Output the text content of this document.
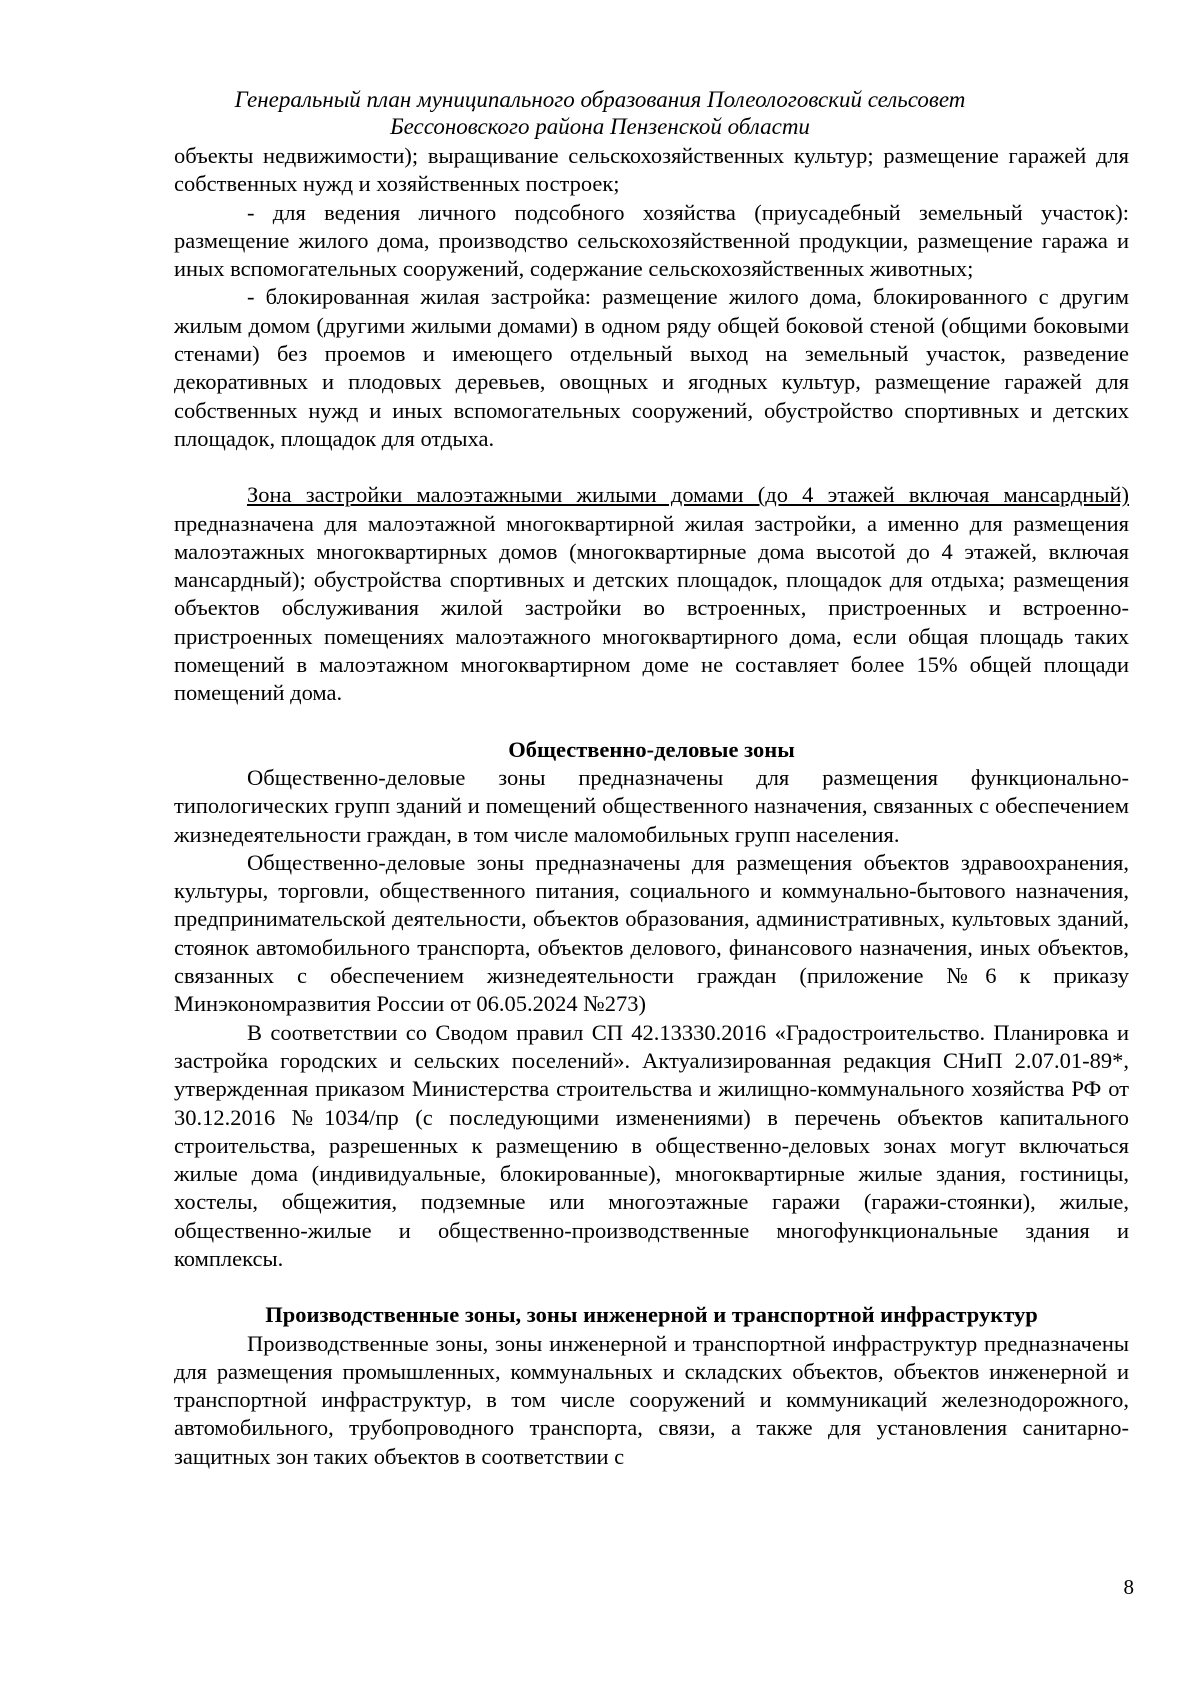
Генеральный план муниципального образования Полеологовский сельсовет
Бессоновского района Пензенской области

объекты недвижимости); выращивание сельскохозяйственных культур; размещение гаражей для собственных нужд и хозяйственных построек;

- для ведения личного подсобного хозяйства (приусадебный земельный участок): размещение жилого дома, производство сельскохозяйственной продукции, размещение гаража и иных вспомогательных сооружений, содержание сельскохозяйственных животных;

- блокированная жилая застройка: размещение жилого дома, блокированного с другим жилым домом (другими жилыми домами) в одном ряду общей боковой стеной (общими боковыми стенами) без проемов и имеющего отдельный выход на земельный участок, разведение декоративных и плодовых деревьев, овощных и ягодных культур, размещение гаражей для собственных нужд и иных вспомогательных сооружений, обустройство спортивных и детских площадок, площадок для отдыха.

Зона застройки малоэтажными жилыми домами (до 4 этажей включая мансардный) предназначена для малоэтажной многоквартирной жилая застройки, а именно для размещения малоэтажных многоквартирных домов (многоквартирные дома высотой до 4 этажей, включая мансардный); обустройства спортивных и детских площадок, площадок для отдыха; размещения объектов обслуживания жилой застройки во встроенных, пристроенных и встроенно-пристроенных помещениях малоэтажного многоквартирного дома, если общая площадь таких помещений в малоэтажном многоквартирном доме не составляет более 15% общей площади помещений дома.

Общественно-деловые зоны

Общественно-деловые зоны предназначены для размещения функционально-типологических групп зданий и помещений общественного назначения, связанных с обеспечением жизнедеятельности граждан, в том числе маломобильных групп населения.

Общественно-деловые зоны предназначены для размещения объектов здравоохранения, культуры, торговли, общественного питания, социального и коммунально-бытового назначения, предпринимательской деятельности, объектов образования, административных, культовых зданий, стоянок автомобильного транспорта, объектов делового, финансового назначения, иных объектов, связанных с обеспечением жизнедеятельности граждан (приложение №6 к приказу Минэкономразвития России от 06.05.2024 №273)

В соответствии со Сводом правил СП 42.13330.2016 «Градостроительство. Планировка и застройка городских и сельских поселений». Актуализированная редакция СНиП 2.07.01-89*, утвержденная приказом Министерства строительства и жилищно-коммунального хозяйства РФ от 30.12.2016 №1034/пр (с последующими изменениями) в перечень объектов капитального строительства, разрешенных к размещению в общественно-деловых зонах могут включаться жилые дома (индивидуальные, блокированные), многоквартирные жилые здания, гостиницы, хостелы, общежития, подземные или многоэтажные гаражи (гаражи-стоянки), жилые, общественно-жилые и общественно-производственные многофункциональные здания и комплексы.

Производственные зоны, зоны инженерной и транспортной инфраструктур

Производственные зоны, зоны инженерной и транспортной инфраструктур предназначены для размещения промышленных, коммунальных и складских объектов, объектов инженерной и транспортной инфраструктур, в том числе сооружений и коммуникаций железнодорожного, автомобильного, трубопроводного транспорта, связи, а также для установления санитарно-защитных зон таких объектов в соответствии с

8
